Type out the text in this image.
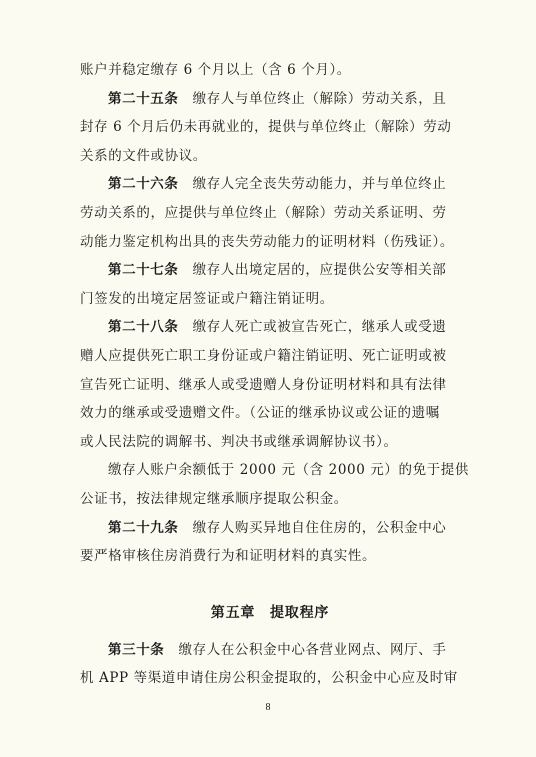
账户并稳定缴存 6 个月以上（含 6 个月）。
第二十五条　 缴存人与单位终止（解除）劳动关系，且
封存 6 个月后仍未再就业的，提供与单位终止（解除）劳动
关系的文件或协议。
第二十六条　 缴存人完全丧失劳动能力，并与单位终止
劳动关系的，应提供与单位终止（解除）劳动关系证明、劳
动能力鉴定机构出具的丧失劳动能力的证明材料（伤残证）。
第二十七条　 缴存人出境定居的，应提供公安等相关部
门签发的出境定居签证或户籍注销证明。
第二十八条　 缴存人死亡或被宣告死亡，继承人或受遗
赠人应提供死亡职工身份证或户籍注销证明、死亡证明或被
宣告死亡证明、继承人或受遗赠人身份证明材料和具有法律
效力的继承或受遗赠文件。（公证的继承协议或公证的遗嘱
或人民法院的调解书、判决书或继承调解协议书）。
缴存人账户余额低于 2000 元（含 2000 元）的免于提供
公证书，按法律规定继承顺序提取公积金。
第二十九条　 缴存人购买异地自住住房的，公积金中心
要严格审核住房消费行为和证明材料的真实性。
第五章　提取程序
第三十条　 缴存人在公积金中心各营业网点、网厅、手
机 APP 等渠道申请住房公积金提取的，公积金中心应及时审
8
